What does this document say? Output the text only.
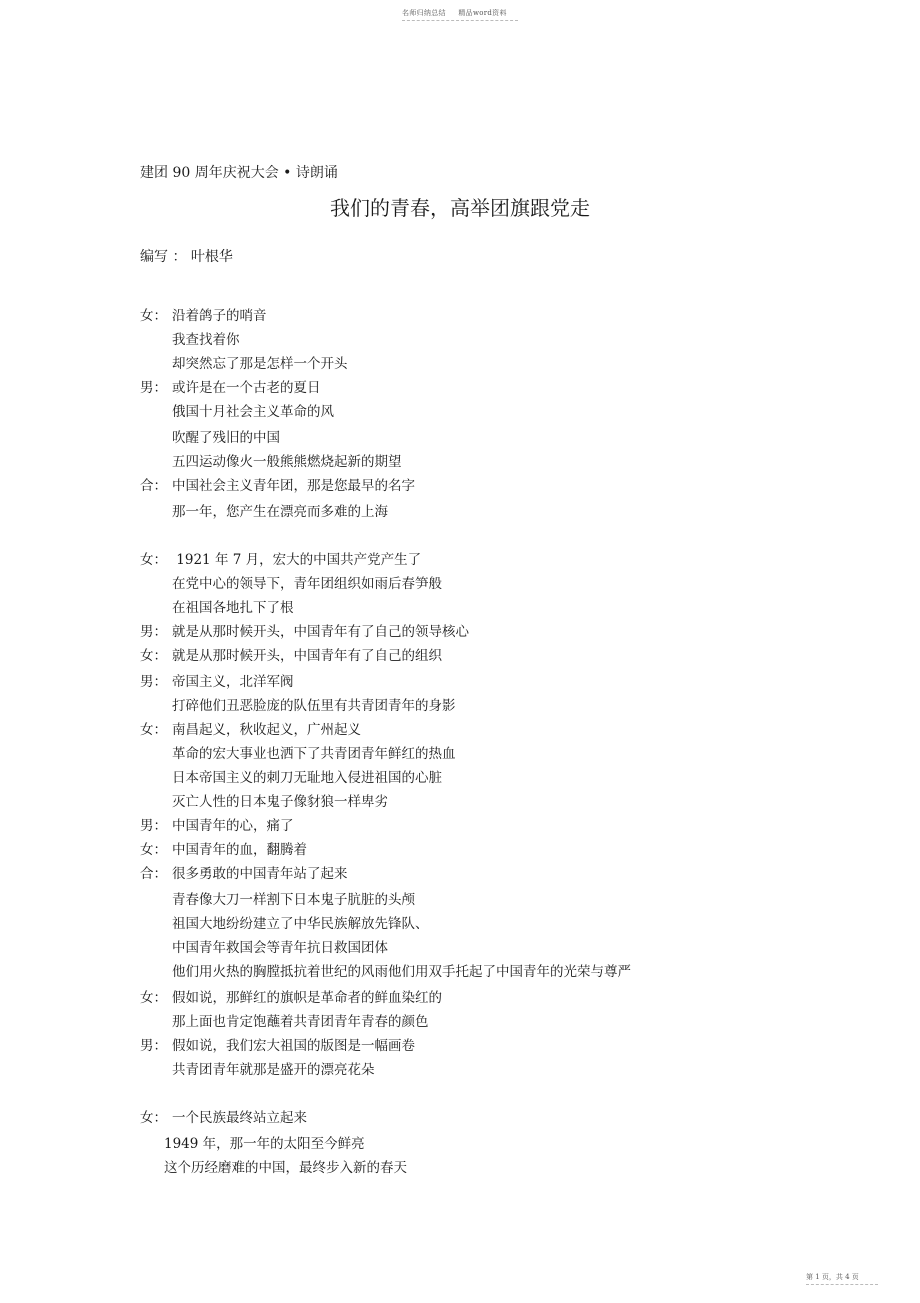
名师归纳总结 精品word资料
建团 90 周年庆祝大会 • 诗朗诵
我们的青春，高举团旗跟党走
编写 ： 叶根华
女： 沿着鸽子的哨音
我查找着你
却突然忘了那是怎样一个开头
男： 或许是在一个古老的夏日
俄国十月社会主义革命的风
吹醒了残旧的中国
五四运动像火一般熊熊燃烧起新的期望
合： 中国社会主义青年团，那是您最早的名字
那一年，您产生在漂亮而多难的上海
女： 1921 年 7 月，宏大的中国共产党产生了
在党中心的领导下，青年团组织如雨后春笋般
在祖国各地扎下了根
男： 就是从那时候开头，中国青年有了自己的领导核心
女： 就是从那时候开头，中国青年有了自己的组织
男： 帝国主义，北洋军阀
打碎他们丑恶脸庞的队伍里有共青团青年的身影
女： 南昌起义，秋收起义，广州起义
革命的宏大事业也洒下了共青团青年鲜红的热血
日本帝国主义的刺刀无耻地入侵进祖国的心脏
灭亡人性的日本鬼子像豺狼一样卑劣
男： 中国青年的心，痛了
女： 中国青年的血，翻腾着
合： 很多勇敢的中国青年站了起来
青春像大刀一样割下日本鬼子肮脏的头颅
祖国大地纷纷建立了中华民族解放先锋队、
中国青年救国会等青年抗日救国团体
他们用火热的胸膛抵抗着世纪的风雨他们用双手托起了中国青年的光荣与尊严
女： 假如说，那鲜红的旗帜是革命者的鲜血染红的
那上面也肯定饱蘸着共青团青年青春的颜色
男： 假如说，我们宏大祖国的版图是一幅画卷
共青团青年就那是盛开的漂亮花朵
女： 一个民族最终站立起来
1949 年，那一年的太阳至今鲜亮
这个历经磨难的中国，最终步入新的春天
第 1 页，共 4 页
